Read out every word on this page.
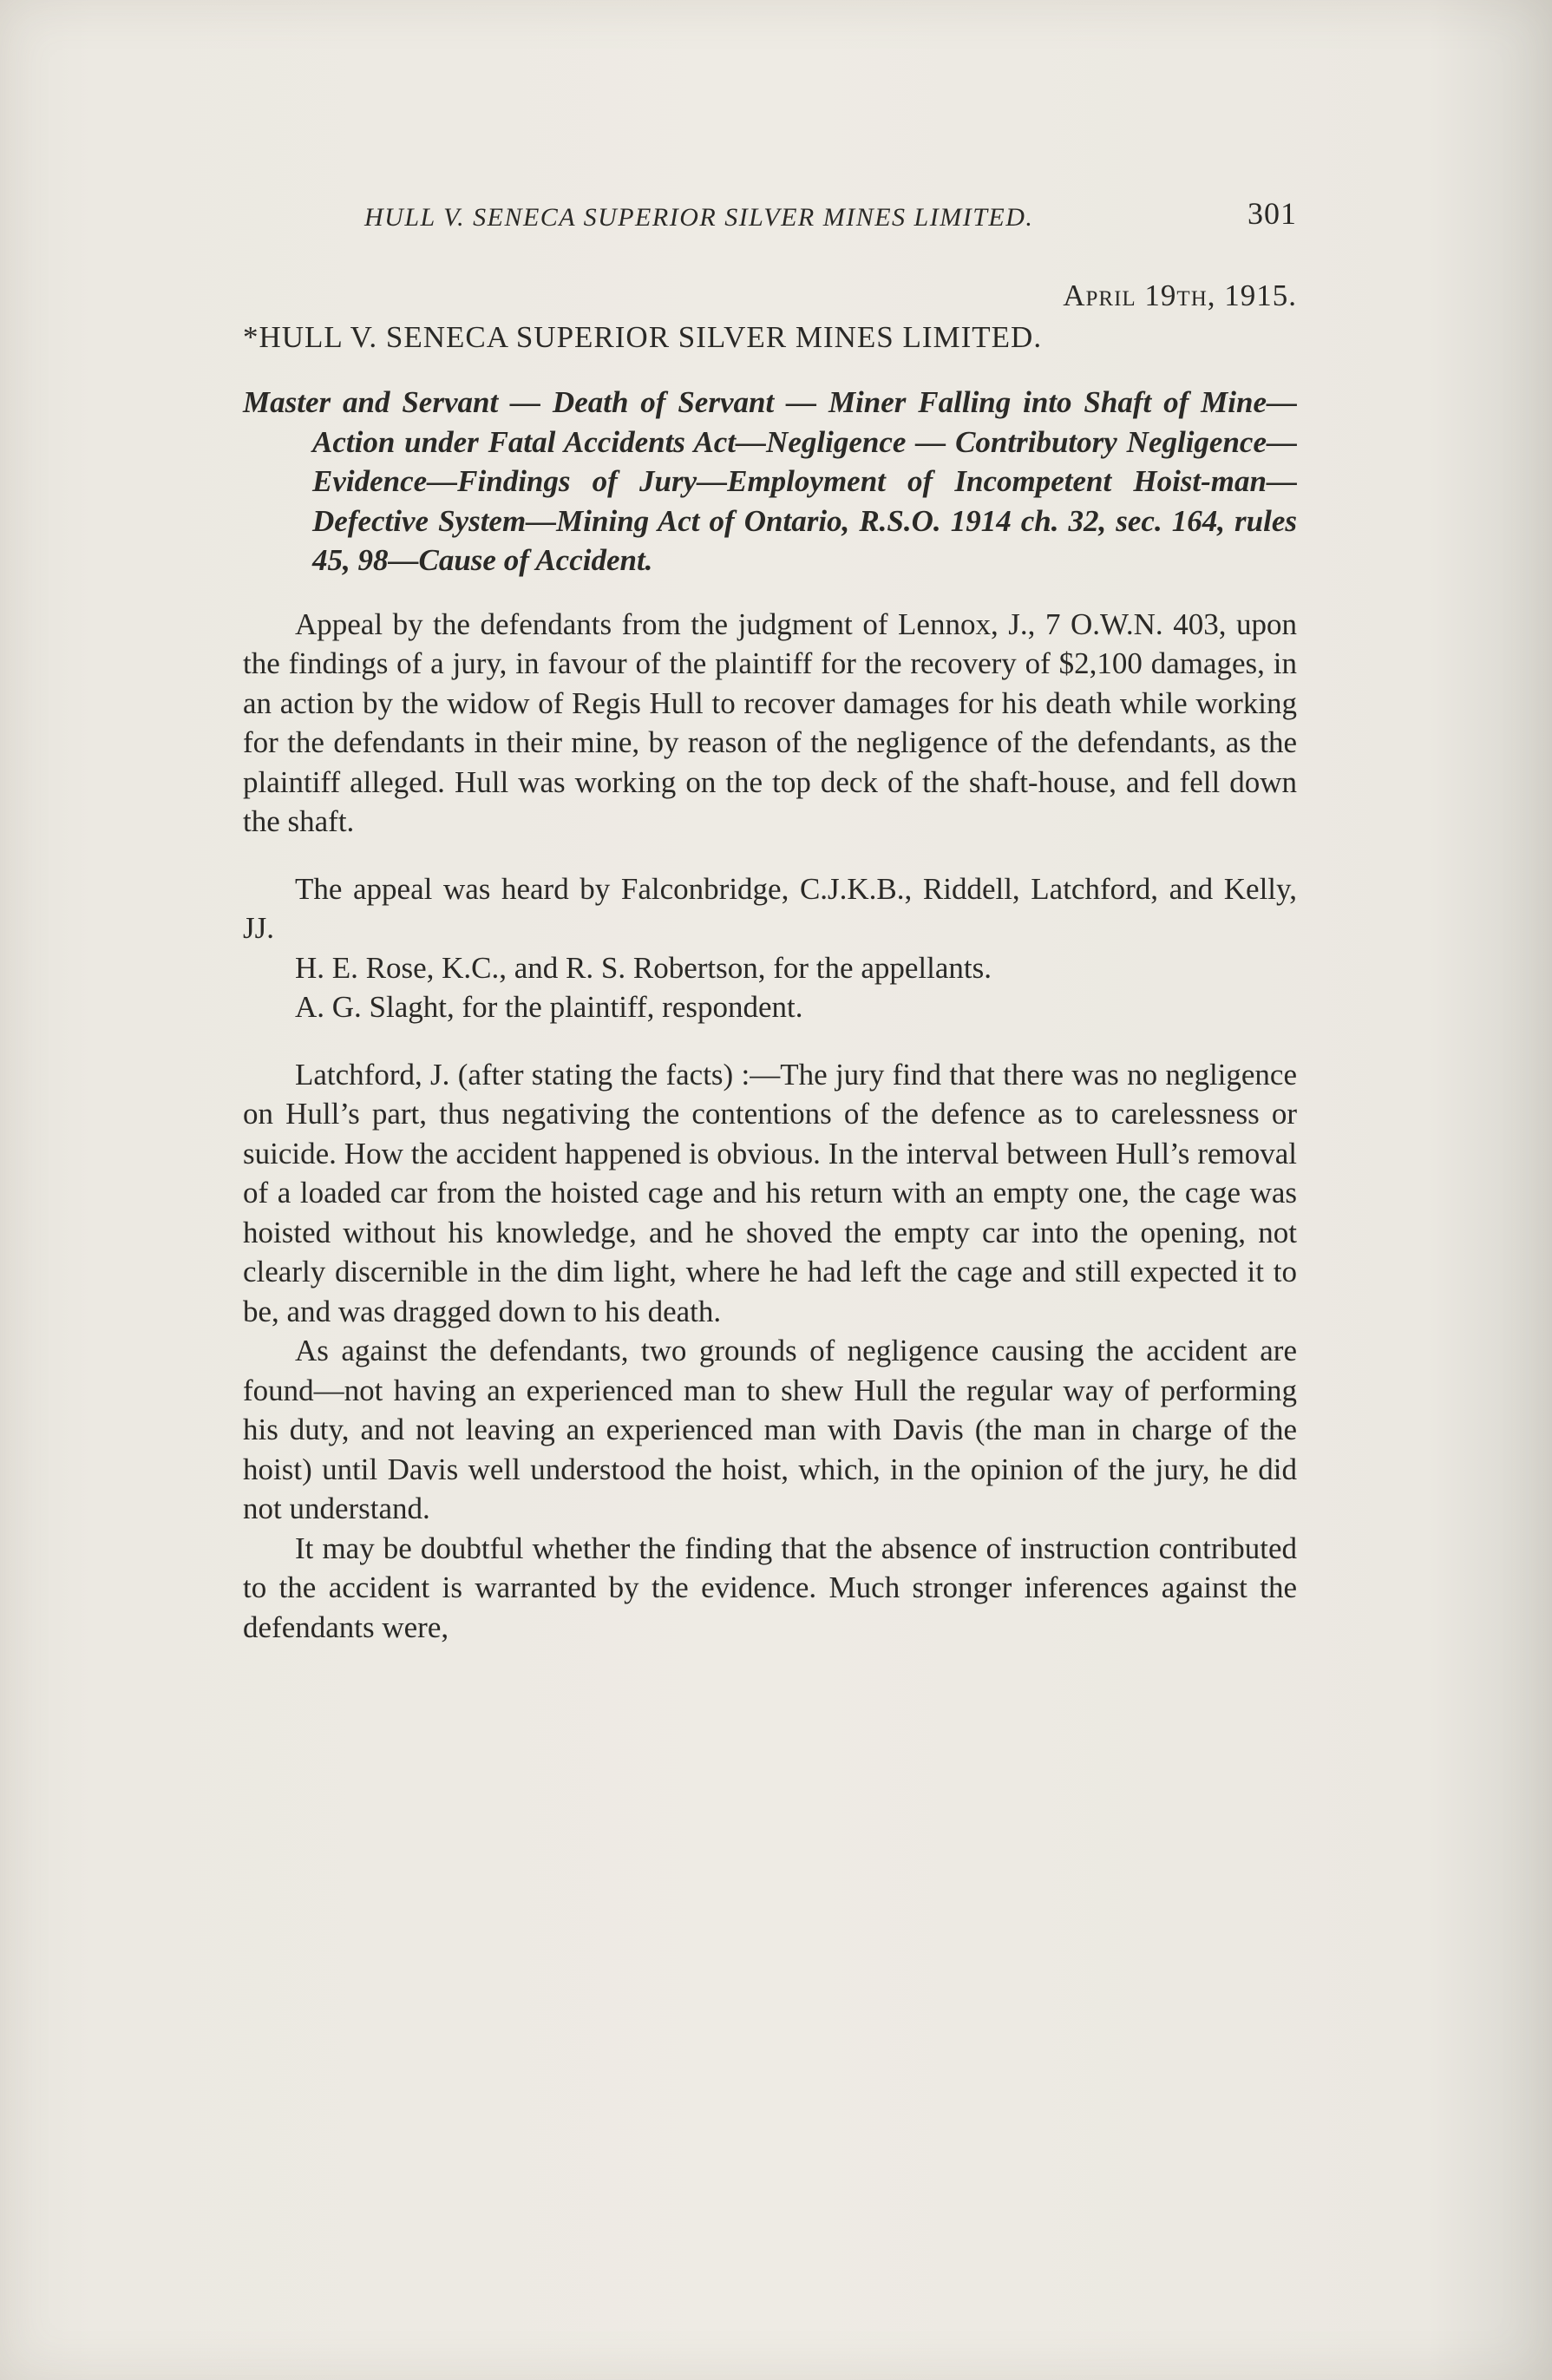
HULL V. SENECA SUPERIOR SILVER MINES LIMITED.	301
April 19th, 1915.
*HULL V. SENECA SUPERIOR SILVER MINES LIMITED.
Master and Servant — Death of Servant — Miner Falling into Shaft of Mine—Action under Fatal Accidents Act—Negligence — Contributory Negligence—Evidence—Findings of Jury—Employment of Incompetent Hoist-man—Defective System—Mining Act of Ontario, R.S.O. 1914 ch. 32, sec. 164, rules 45, 98—Cause of Accident.

Appeal by the defendants from the judgment of Lennox, J., 7 O.W.N. 403, upon the findings of a jury, in favour of the plaintiff for the recovery of $2,100 damages, in an action by the widow of Regis Hull to recover damages for his death while working for the defendants in their mine, by reason of the negligence of the defendants, as the plaintiff alleged. Hull was working on the top deck of the shaft-house, and fell down the shaft.

The appeal was heard by Falconbridge, C.J.K.B., Riddell, Latchford, and Kelly, JJ.

H. E. Rose, K.C., and R. S. Robertson, for the appellants.

A. G. Slaght, for the plaintiff, respondent.

Latchford, J. (after stating the facts) :—The jury find that there was no negligence on Hull’s part, thus negativing the contentions of the defence as to carelessness or suicide. How the accident happened is obvious. In the interval between Hull’s removal of a loaded car from the hoisted cage and his return with an empty one, the cage was hoisted without his knowledge, and he shoved the empty car into the opening, not clearly discernible in the dim light, where he had left the cage and still expected it to be, and was dragged down to his death.

As against the defendants, two grounds of negligence causing the accident are found—not having an experienced man to shew Hull the regular way of performing his duty, and not leaving an experienced man with Davis (the man in charge of the hoist) until Davis well understood the hoist, which, in the opinion of the jury, he did not understand.

It may be doubtful whether the finding that the absence of instruction contributed to the accident is warranted by the evidence. Much stronger inferences against the defendants were,
